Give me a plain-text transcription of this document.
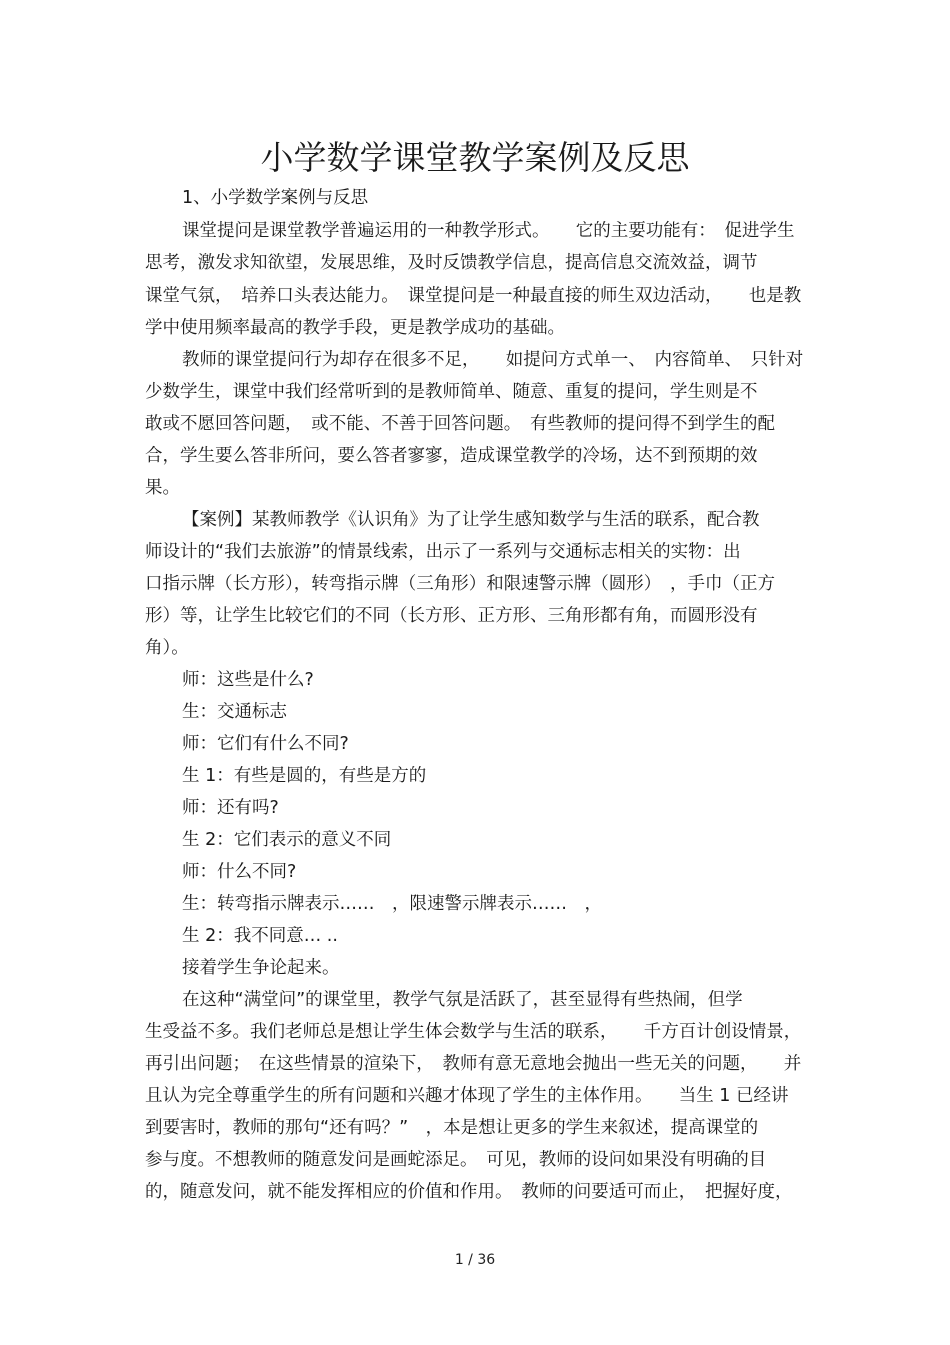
小学数学课堂教学案例及反思
1、小学数学案例与反思
课堂提问是课堂教学普遍运用的一种教学形式。　　它的主要功能有：　促进学生
思考，激发求知欲望，发展思维，及时反馈教学信息，提高信息交流效益，调节
课堂气氛，　培养口头表达能力。　课堂提问是一种最直接的师生双边活动，　　也是教
学中使用频率最高的教学手段，更是教学成功的基础。
教师的课堂提问行为却存在很多不足，　　如提问方式单一、　内容简单、　只针对
少数学生，课堂中我们经常听到的是教师简单、随意、重复的提问，学生则是不
敢或不愿回答问题，　或不能、不善于回答问题。　有些教师的提问得不到学生的配
合，学生要么答非所问，要么答者寥寥，造成课堂教学的冷场，达不到预期的效
果。
【案例】某教师教学《认识角》为了让学生感知数学与生活的联系，配合教
师设计的“我们去旅游”的情景线索，出示了一系列与交通标志相关的实物：出
口指示牌（长方形），转弯指示牌（三角形）和限速警示牌（圆形）　，手巾（正方
形）等，让学生比较它们的不同（长方形、正方形、三角形都有角，而圆形没有
角）。
师：这些是什么?
生：交通标志
师：它们有什么不同?
生 1：有些是圆的，有些是方的
师：还有吗?
生 2：它们表示的意义不同
师：什么不同?
生：转弯指示牌表示……　，限速警示牌表示……　，
生 2：我不同意… ..
接着学生争论起来。
在这种“满堂问”的课堂里，教学气氛是活跃了，甚至显得有些热闹，但学
生受益不多。我们老师总是想让学生体会数学与生活的联系，　　千方百计创设情景，
再引出问题；　在这些情景的渲染下，　教师有意无意地会抛出一些无关的问题，　　并
且认为完全尊重学生的所有问题和兴趣才体现了学生的主体作用。　　当生 1 已经讲
到要害时，教师的那句“还有吗？”　，本是想让更多的学生来叙述，提高课堂的
参与度。不想教师的随意发问是画蛇添足。　可见，教师的设问如果没有明确的目
的，随意发问，就不能发挥相应的价值和作用。　教师的问要适可而止，　把握好度，
1 / 36
